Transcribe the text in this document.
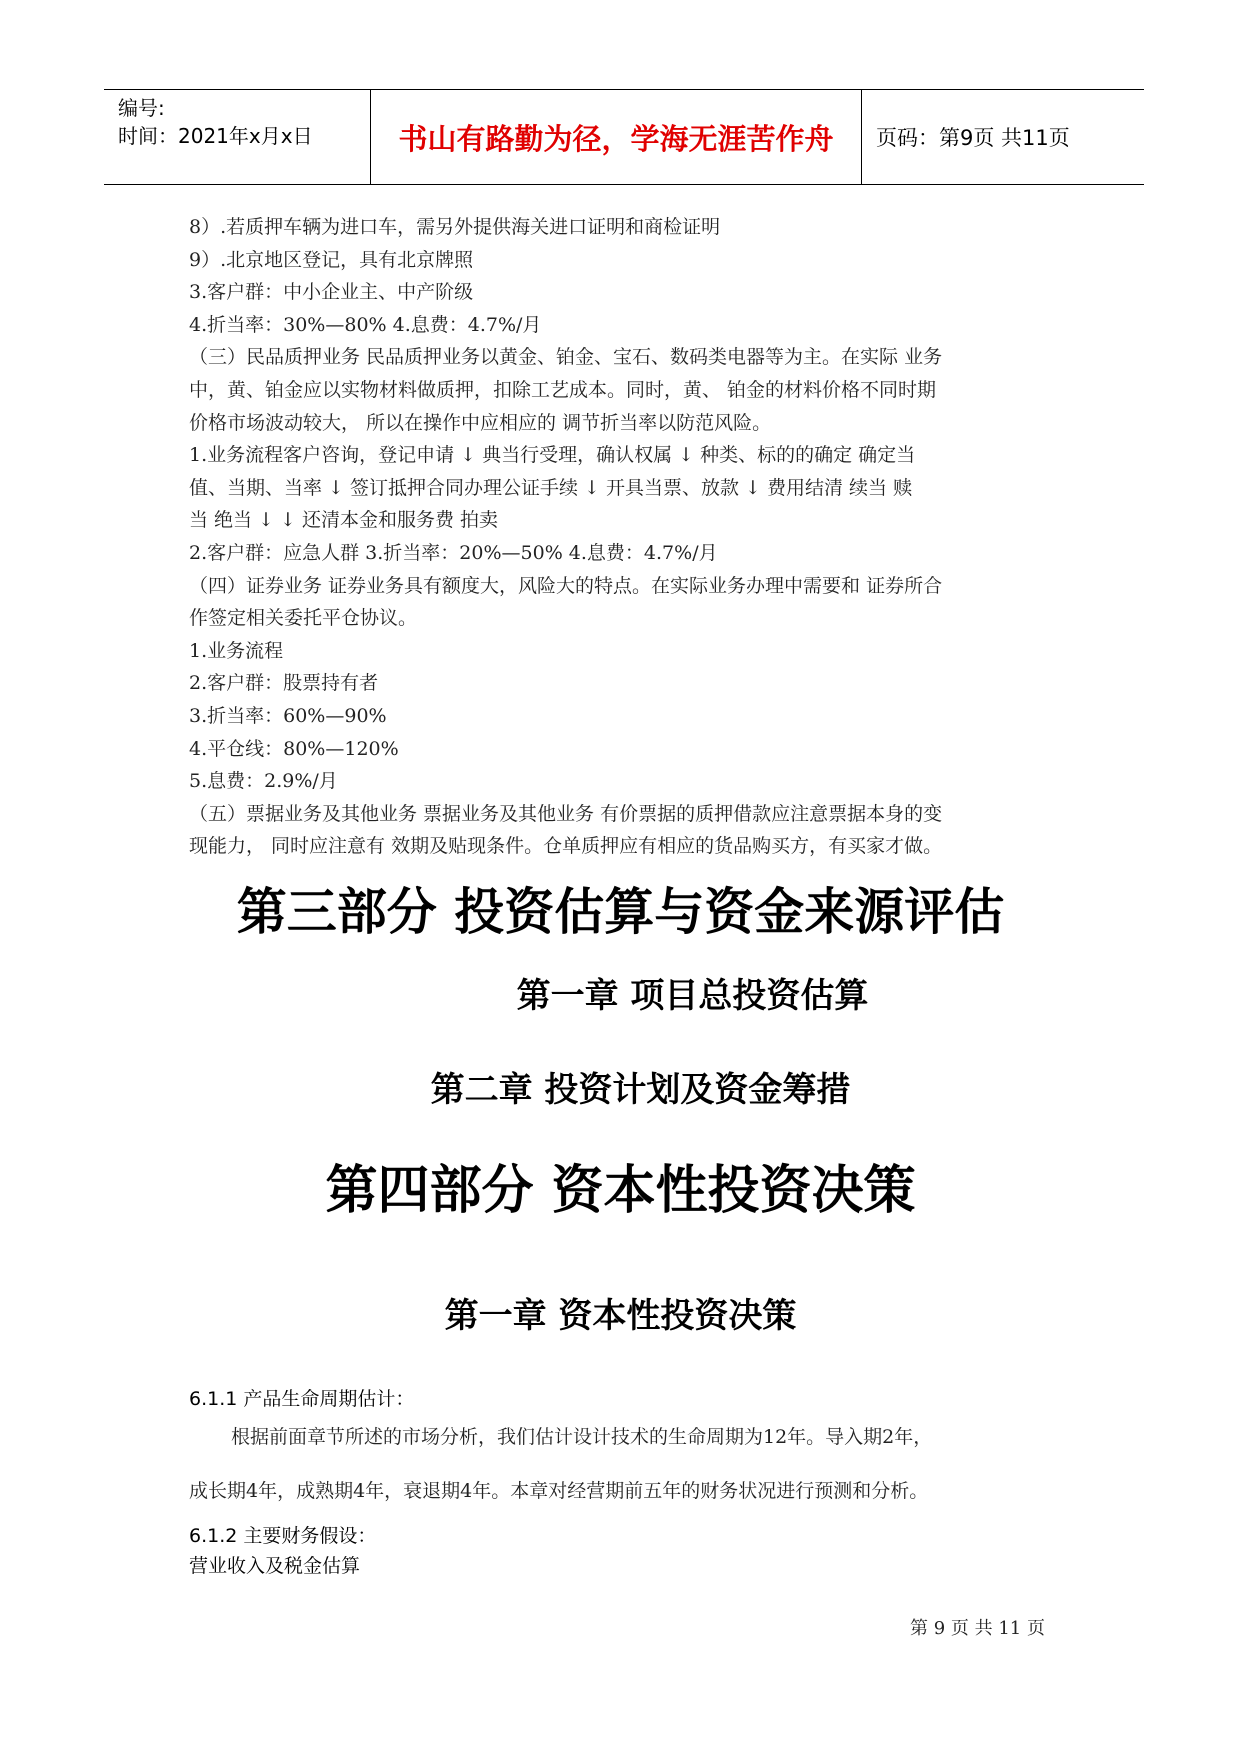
编号:
时间：2021年x月x日	书山有路勤为径，学海无涯苦作舟 页码：第9页 共11页
8）.若质押车辆为进口车，需另外提供海关进口证明和商检证明
9）.北京地区登记，具有北京牌照
3.客户群：中小企业主、中产阶级
4.折当率：30%—80% 4.息费：4.7%/月
（三）民品质押业务 民品质押业务以黄金、铂金、宝石、数码类电器等为主。在实际 业务
中，黄、铂金应以实物材料做质押，扣除工艺成本。同时，黄、 铂金的材料价格不同时期
价格市场波动较大， 所以在操作中应相应的 调节折当率以防范风险。
1.业务流程客户咨询，登记申请 ↓ 典当行受理，确认权属 ↓ 种类、标的的确定 确定当
值、当期、当率 ↓ 签订抵押合同办理公证手续 ↓ 开具当票、放款 ↓ 费用结清 续当 赎
当 绝当 ↓ ↓ 还清本金和服务费 拍卖
2.客户群：应急人群 3.折当率：20%—50% 4.息费：4.7%/月
（四）证券业务 证券业务具有额度大，风险大的特点。在实际业务办理中需要和 证券所合
作签定相关委托平仓协议。
1.业务流程
2.客户群：股票持有者
3.折当率：60%—90%
4.平仓线：80%—120%
5.息费：2.9%/月
（五）票据业务及其他业务 票据业务及其他业务 有价票据的质押借款应注意票据本身的变
现能力， 同时应注意有 效期及贴现条件。仓单质押应有相应的货品购买方，有买家才做。
第三部分 投资估算与资金来源评估
第一章 项目总投资估算
第二章 投资计划及资金筹措
第四部分 资本性投资决策
第一章 资本性投资决策
6.1.1 产品生命周期估计：
根据前面章节所述的市场分析，我们估计设计技术的生命周期为12年。导入期2年，
成长期4年，成熟期4年，衰退期4年。本章对经营期前五年的财务状况进行预测和分析。
6.1.2 主要财务假设：
营业收入及税金估算
第 9 页 共 11 页
